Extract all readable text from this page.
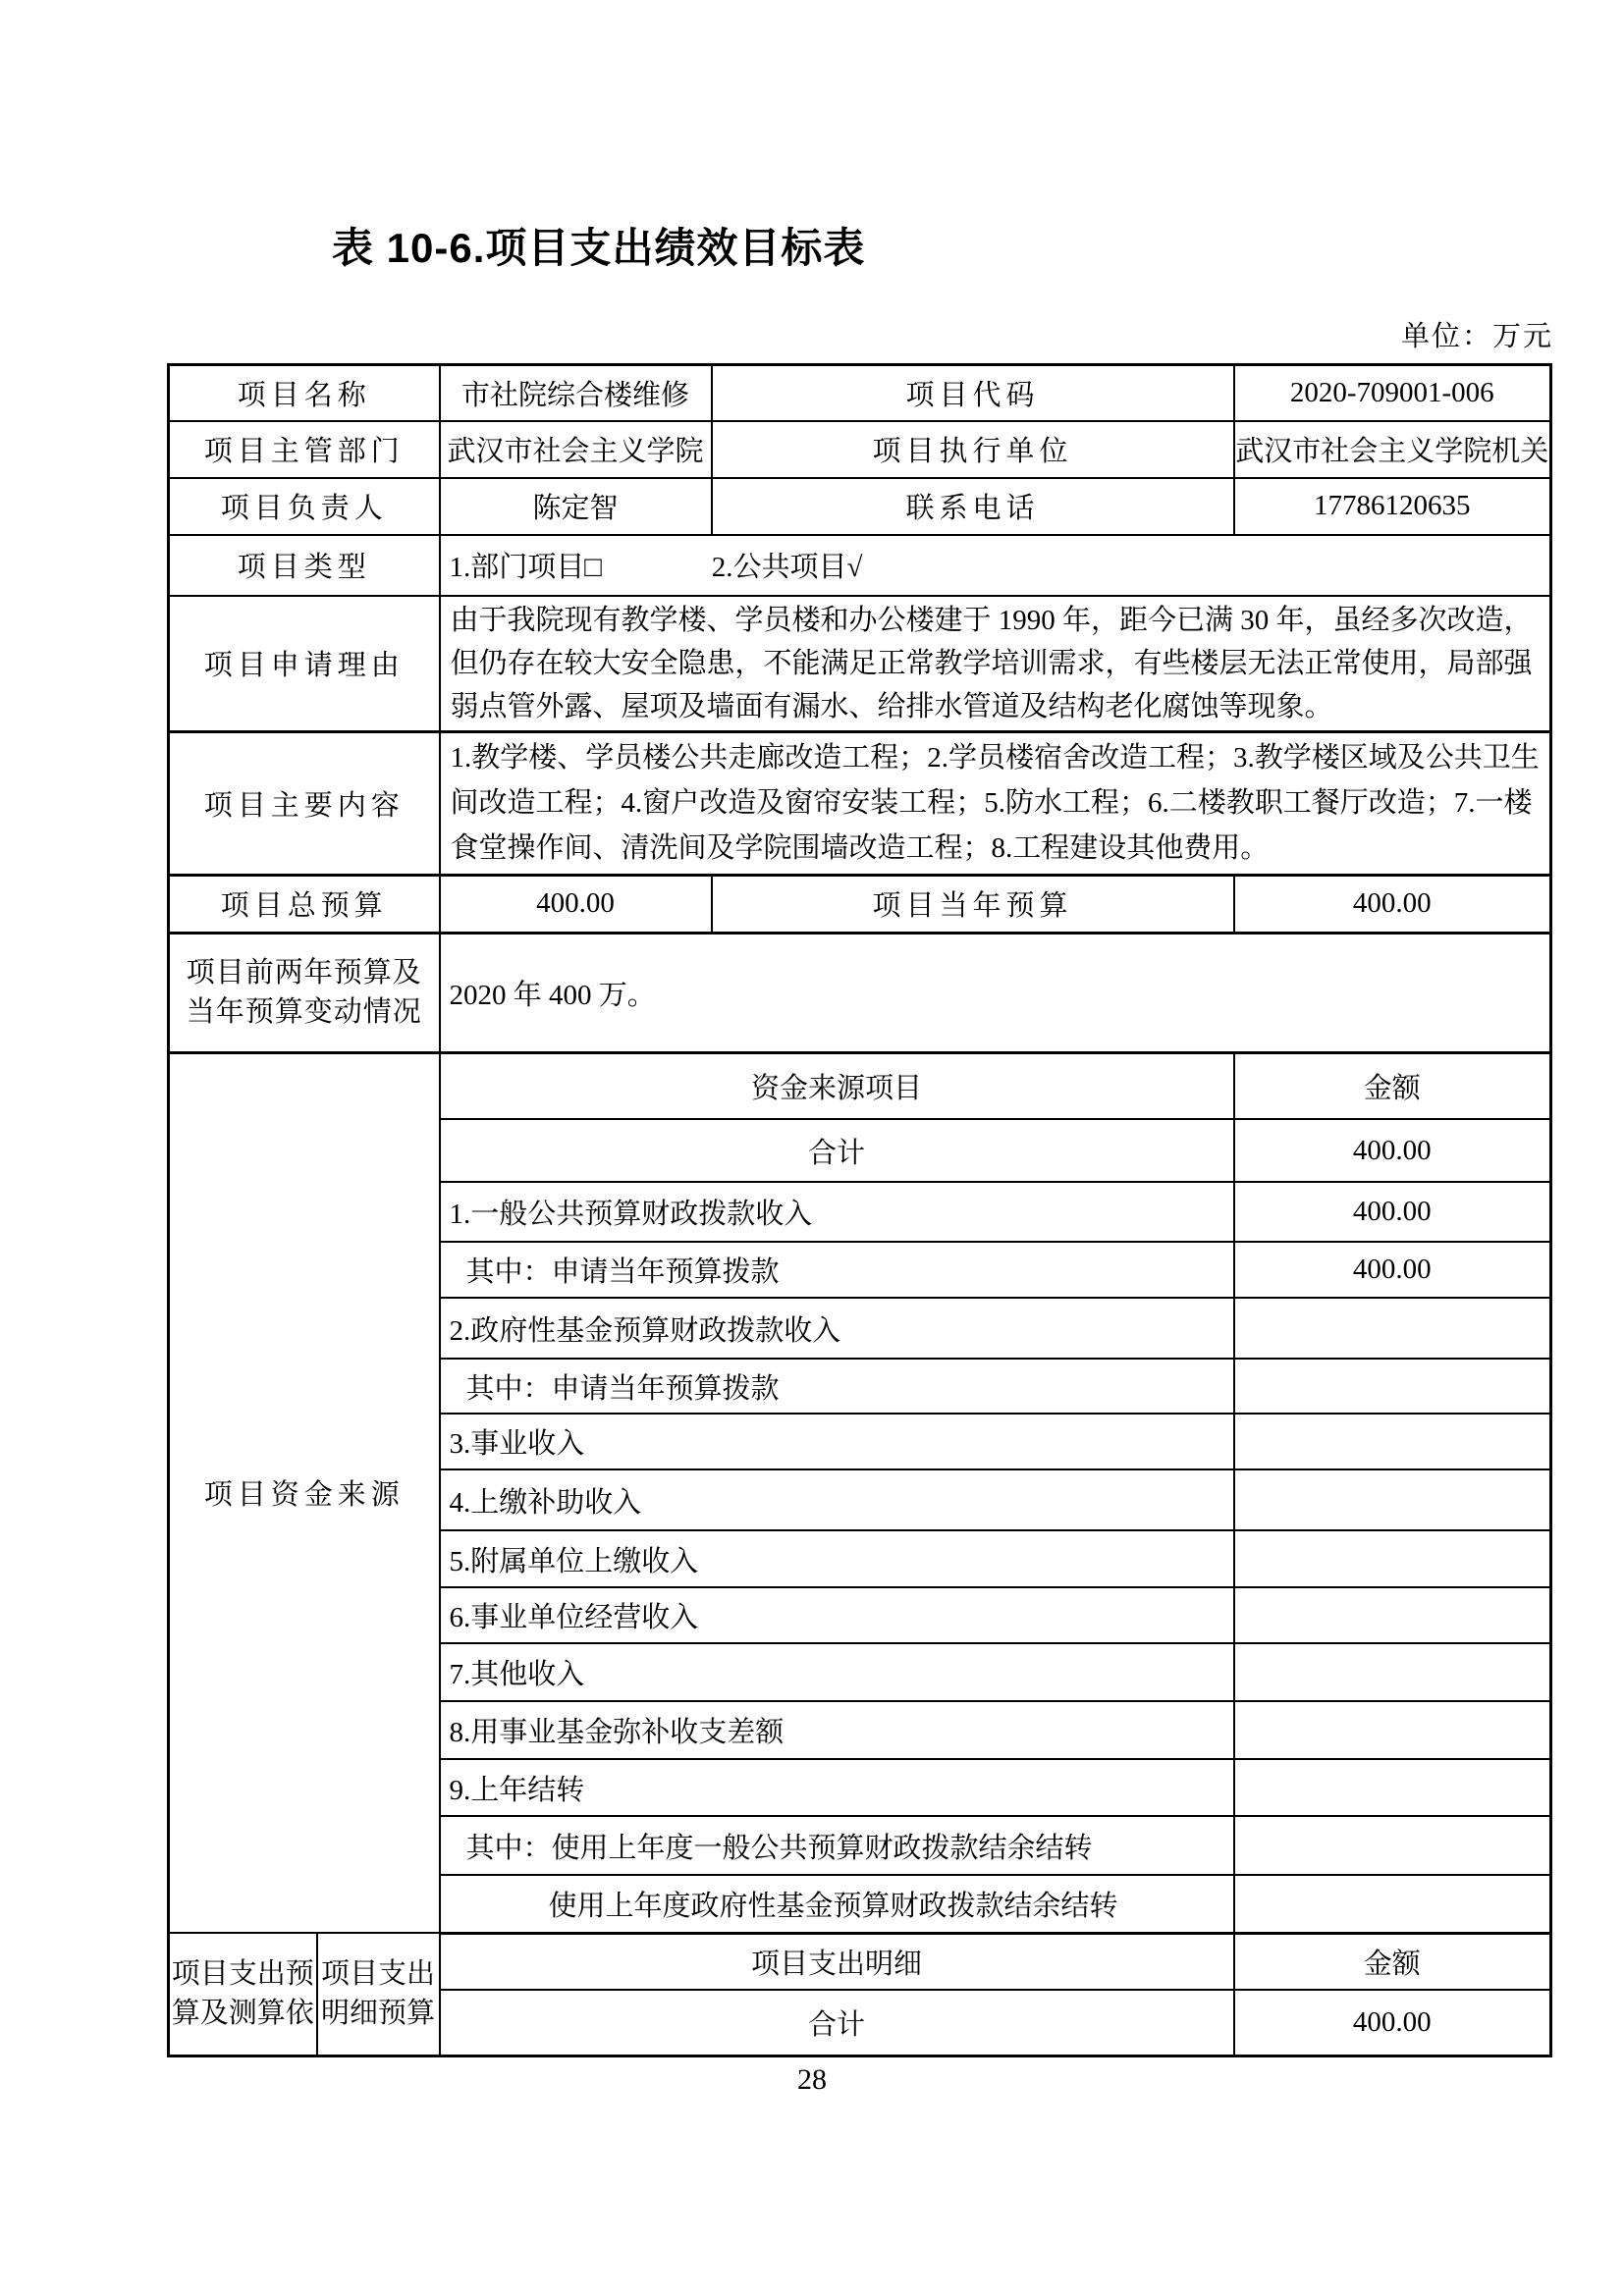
表 10-6.项目支出绩效目标表
单位：万元
项目名称		市社院综合楼维修	项目代码	2020-709001-006
项目主管部门		武汉市社会主义学院	项目执行单位	武汉市社会主义学院机关
项目负责人		陈定智	联系电话	17786120635
项目类型		1.部门项目□ 2.公共项目√		
项目申请理由		由于我院现有教学楼、学员楼和办公楼建于 1990 年，距今已满 30 年，虽经多次改造，但仍存在较大安全隐患，不能满足正常教学培训需求，有些楼层无法正常使用，局部强弱点管外露、屋项及墙面有漏水、给排水管道及结构老化腐蚀等现象。		
项目主要内容		1.教学楼、学员楼公共走廊改造工程；2.学员楼宿舍改造工程；3.教学楼区域及公共卫生间改造工程；4.窗户改造及窗帘安装工程；5.防水工程；6.二楼教职工餐厅改造；7.一楼食堂操作间、清洗间及学院围墙改造工程；8.工程建设其他费用。		
项目总预算		400.00	项目当年预算	400.00
项目前两年预算及当年预算变动情况		2020 年 400 万。		
项目资金来源		资金来源项目		金额
		合计		400.00
		1.一般公共预算财政拨款收入		400.00
		其中：申请当年预算拨款		400.00
		2.政府性基金预算财政拨款收入		
		其中：申请当年预算拨款		
		3.事业收入		
		4.上缴补助收入		
		5.附属单位上缴收入		
		6.事业单位经营收入		
		7.其他收入		
		8.用事业基金弥补收支差额		
		9.上年结转		
		其中：使用上年度一般公共预算财政拨款结余结转		
		使用上年度政府性基金预算财政拨款结余结转		
项目支出预算及测算依	项目支出明细预算	项目支出明细		金额
		合计		400.00
28
